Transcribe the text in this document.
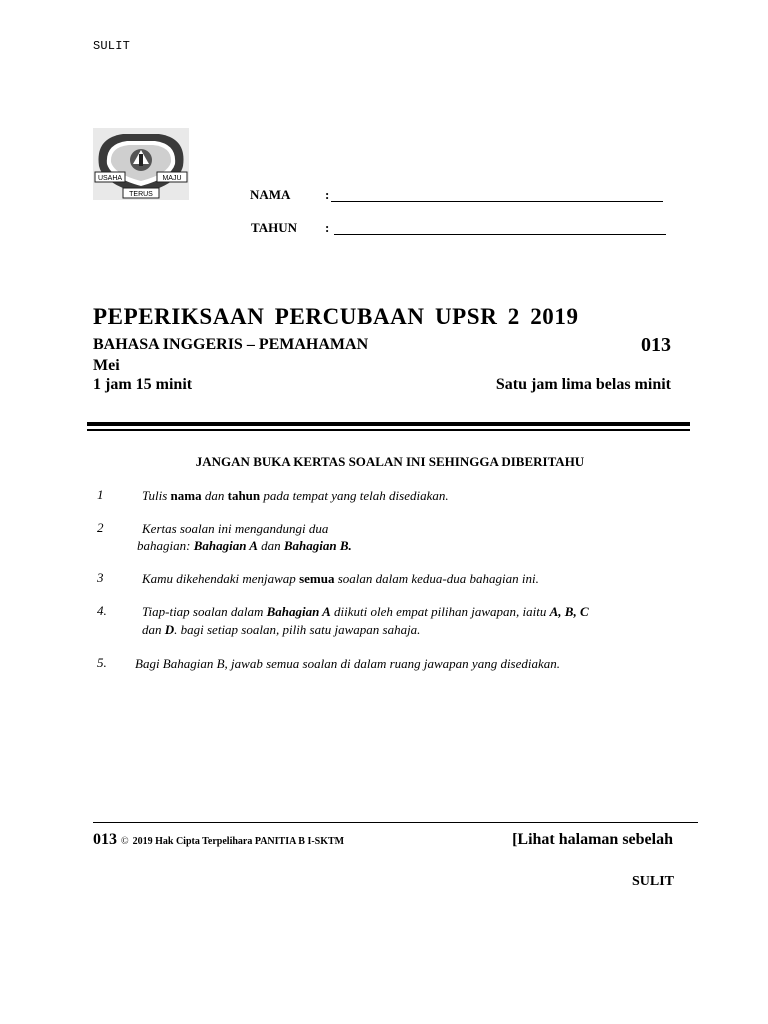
SULIT
USAHA	MAJU
TERUS	NAMA	:
TAHUN :
PEPERIKSAAN PERCUBAAN UPSR 2 2019
BAHASA INGGERIS – PEMAHAMAN	013
Mei
1 jam 15 minit	Satu jam lima belas minit
JANGAN BUKA KERTAS SOALAN INI SEHINGGA DIBERITAHU
1	Tulis nama dan tahun pada tempat yang telah disediakan.
2	Kertas soalan ini mengandungi dua
bahagian: Bahagian A dan Bahagian B.
3	Kamu dikehendaki menjawap semua soalan dalam kedua-dua bahagian ini.
4.	Tiap-tiap soalan dalam Bahagian A diikuti oleh empat pilihan jawapan, iaitu A, B, C
dan D. bagi setiap soalan, pilih satu jawapan sahaja.
5. Bagi Bahagian B, jawab semua soalan di dalam ruang jawapan yang disediakan.
013 © 2019 Hak Cipta Terpelihara PANITIA B I-SKTM	[Lihat halaman sebelah
SULIT
